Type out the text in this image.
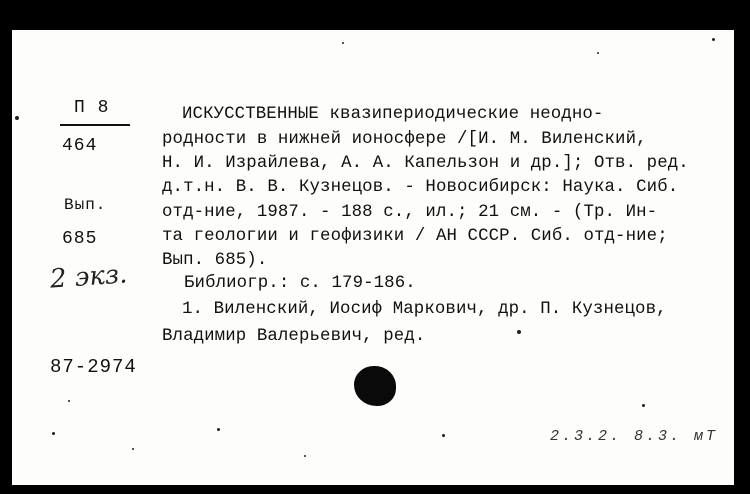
П 8
464
Вып.
685
2 экз.
87-2974
ИСКУССТВЕННЫЕ квазипериодические неодно-
родности в нижней ионосфере /[И. М. Виленский,
Н. И. Израйлева, А. А. Капельзон и др.]; Отв. ред.
д.т.н. В. В. Кузнецов. - Новосибирск: Наука. Сиб.
отд-ние, 1987. - 188 с., ил.; 21 см. - (Тр. Ин-
та геологии и геофизики / АН СССР. Сиб. отд-ние;
Вып. 685).
Библиогр.: с. 179-186.
1. Виленский, Иосиф Маркович, др. П. Кузнецов,
Владимир Валерьевич, ред.
2.3.2. 8.3. мТ
